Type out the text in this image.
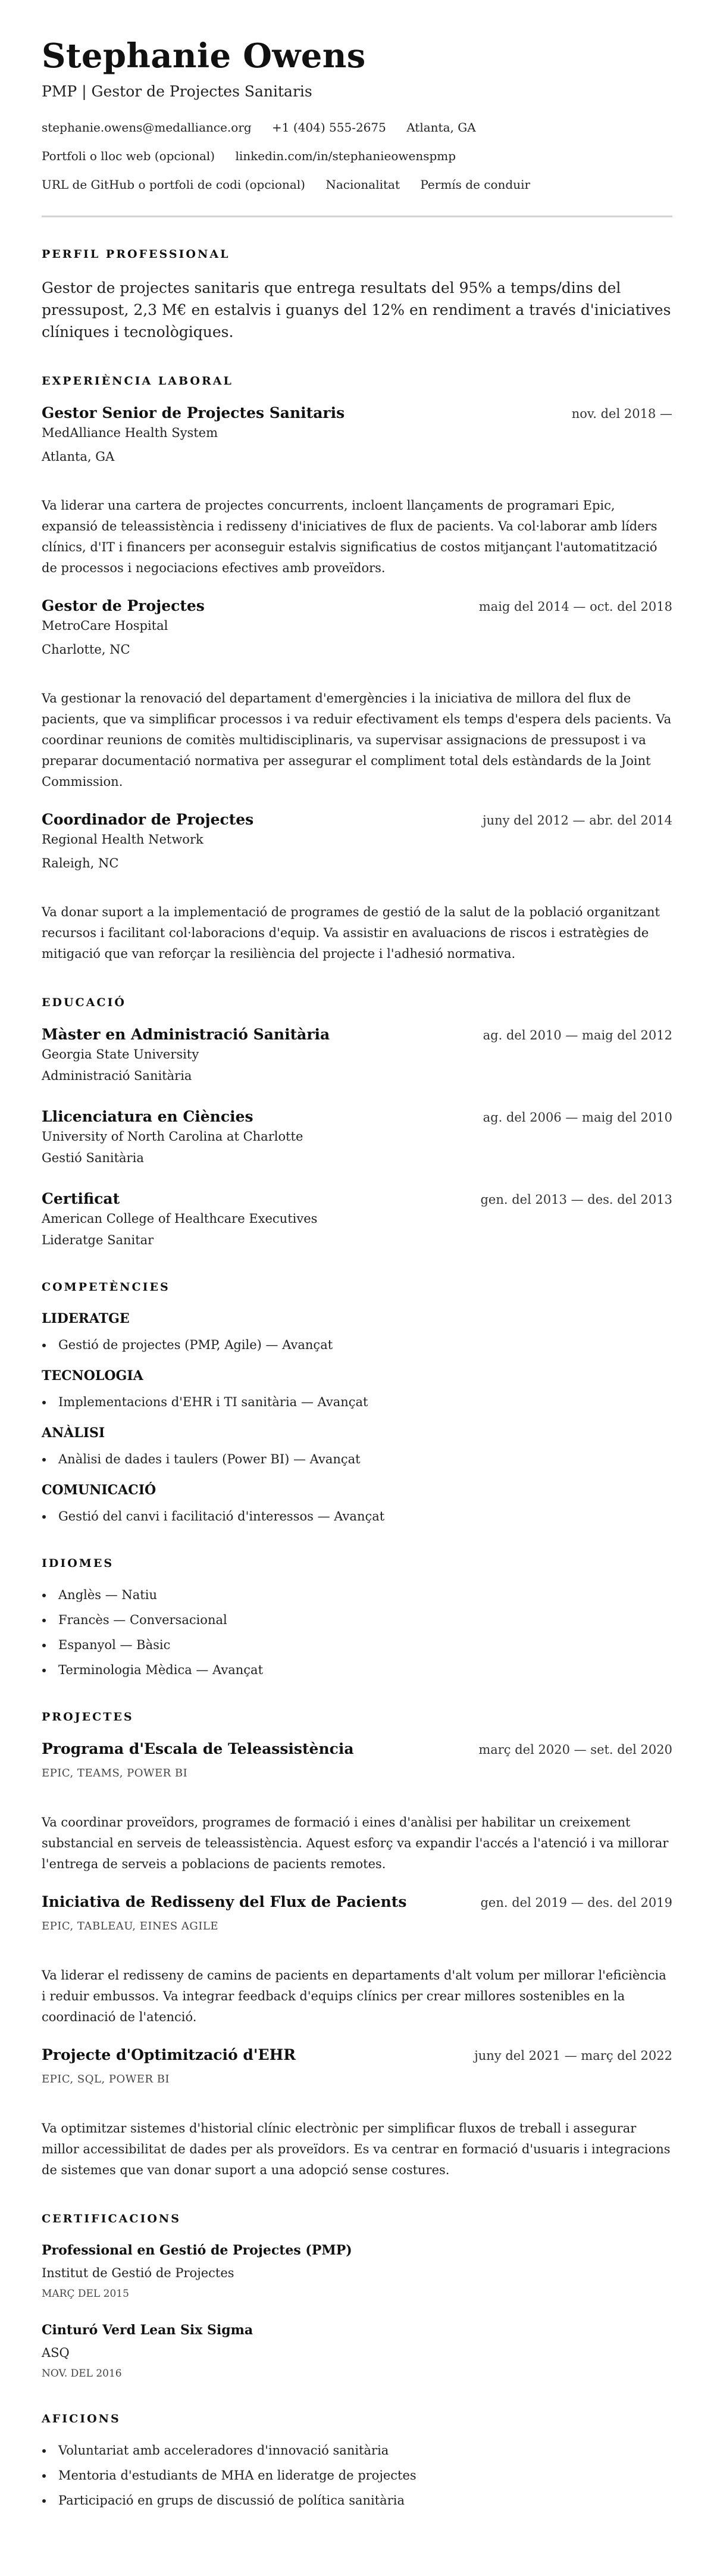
Stephanie Owens
PMP | Gestor de Projectes Sanitaris
stephanie.owens@medalliance.org +1 (404) 555-2675 Atlanta, GA
Portfoli o lloc web (opcional) linkedin.com/in/stephanieowenspmp
URL de GitHub o portfoli de codi (opcional) Nacionalitat Permís de conduir
PERFIL PROFESSIONAL

Gestor de projectes sanitaris que entrega resultats del 95% a temps/dins del pressupost, 2,3 M€ en estalvis i guanys del 12% en rendiment a través d'iniciatives clíniques i tecnològiques.

EXPERIÈNCIA LABORAL
Gestor Senior de Projectes Sanitaris	nov. del 2018 —
MedAlliance Health System
Atlanta, GA

Va liderar una cartera de projectes concurrents, incloent llançaments de programari Epic, expansió de teleassistència i redisseny d'iniciatives de flux de pacients. Va col·laborar amb líders clínics, d'IT i financers per aconseguir estalvis significatius de costos mitjançant l'automatització de processos i negociacions efectives amb proveïdors.

Gestor de Projectes	maig del 2014 — oct. del 2018
MetroCare Hospital
Charlotte, NC

Va gestionar la renovació del departament d'emergències i la iniciativa de millora del flux de pacients, que va simplificar processos i va reduir efectivament els temps d'espera dels pacients. Va coordinar reunions de comitès multidisciplinaris, va supervisar assignacions de pressupost i va preparar documentació normativa per assegurar el compliment total dels estàndards de la Joint Commission.

Coordinador de Projectes	juny del 2012 — abr. del 2014
Regional Health Network
Raleigh, NC

Va donar suport a la implementació de programes de gestió de la salut de la població organitzant recursos i facilitant col·laboracions d'equip. Va assistir en avaluacions de riscos i estratègies de mitigació que van reforçar la resiliència del projecte i l'adhesió normativa.

EDUCACIÓ
Màster en Administració Sanitària	ag. del 2010 — maig del 2012
Georgia State University
Administració Sanitària
Llicenciatura en Ciències	ag. del 2006 — maig del 2010
University of North Carolina at Charlotte
Gestió Sanitària
Certificat	gen. del 2013 — des. del 2013
American College of Healthcare Executives
Lideratge Sanitar
COMPETÈNCIES
LIDERATGE
Gestió de projectes (PMP, Agile) — Avançat
TECNOLOGIA
Implementacions d'EHR i TI sanitària — Avançat
ANÀLISI
Anàlisi de dades i taulers (Power BI) — Avançat
COMUNICACIÓ
Gestió del canvi i facilitació d'interessos — Avançat
IDIOMES
Anglès — Natiu
Francès — Conversacional
Espanyol — Bàsic
Terminologia Mèdica — Avançat
PROJECTES
Programa d'Escala de Teleassistència	març del 2020 — set. del 2020
EPIC, TEAMS, POWER BI

Va coordinar proveïdors, programes de formació i eines d'anàlisi per habilitar un creixement substancial en serveis de teleassistència. Aquest esforç va expandir l'accés a l'atenció i va millorar l'entrega de serveis a poblacions de pacients remotes.

Iniciativa de Redisseny del Flux de Pacients	gen. del 2019 — des. del 2019
EPIC, TABLEAU, EINES AGILE

Va liderar el redisseny de camins de pacients en departaments d'alt volum per millorar l'eficiència i reduir embussos. Va integrar feedback d'equips clínics per crear millores sostenibles en la coordinació de l'atenció.

Projecte d'Optimització d'EHR	juny del 2021 — març del 2022
EPIC, SQL, POWER BI

Va optimitzar sistemes d'historial clínic electrònic per simplificar fluxos de treball i assegurar millor accessibilitat de dades per als proveïdors. Es va centrar en formació d'usuaris i integracions de sistemes que van donar suport a una adopció sense costures.

CERTIFICACIONS
Professional en Gestió de Projectes (PMP)
Institut de Gestió de Projectes
MARÇ DEL 2015
Cinturó Verd Lean Six Sigma
ASQ
NOV. DEL 2016
AFICIONS
Voluntariat amb acceleradores d'innovació sanitària
Mentoria d'estudiants de MHA en lideratge de projectes
Participació en grups de discussió de política sanitària
